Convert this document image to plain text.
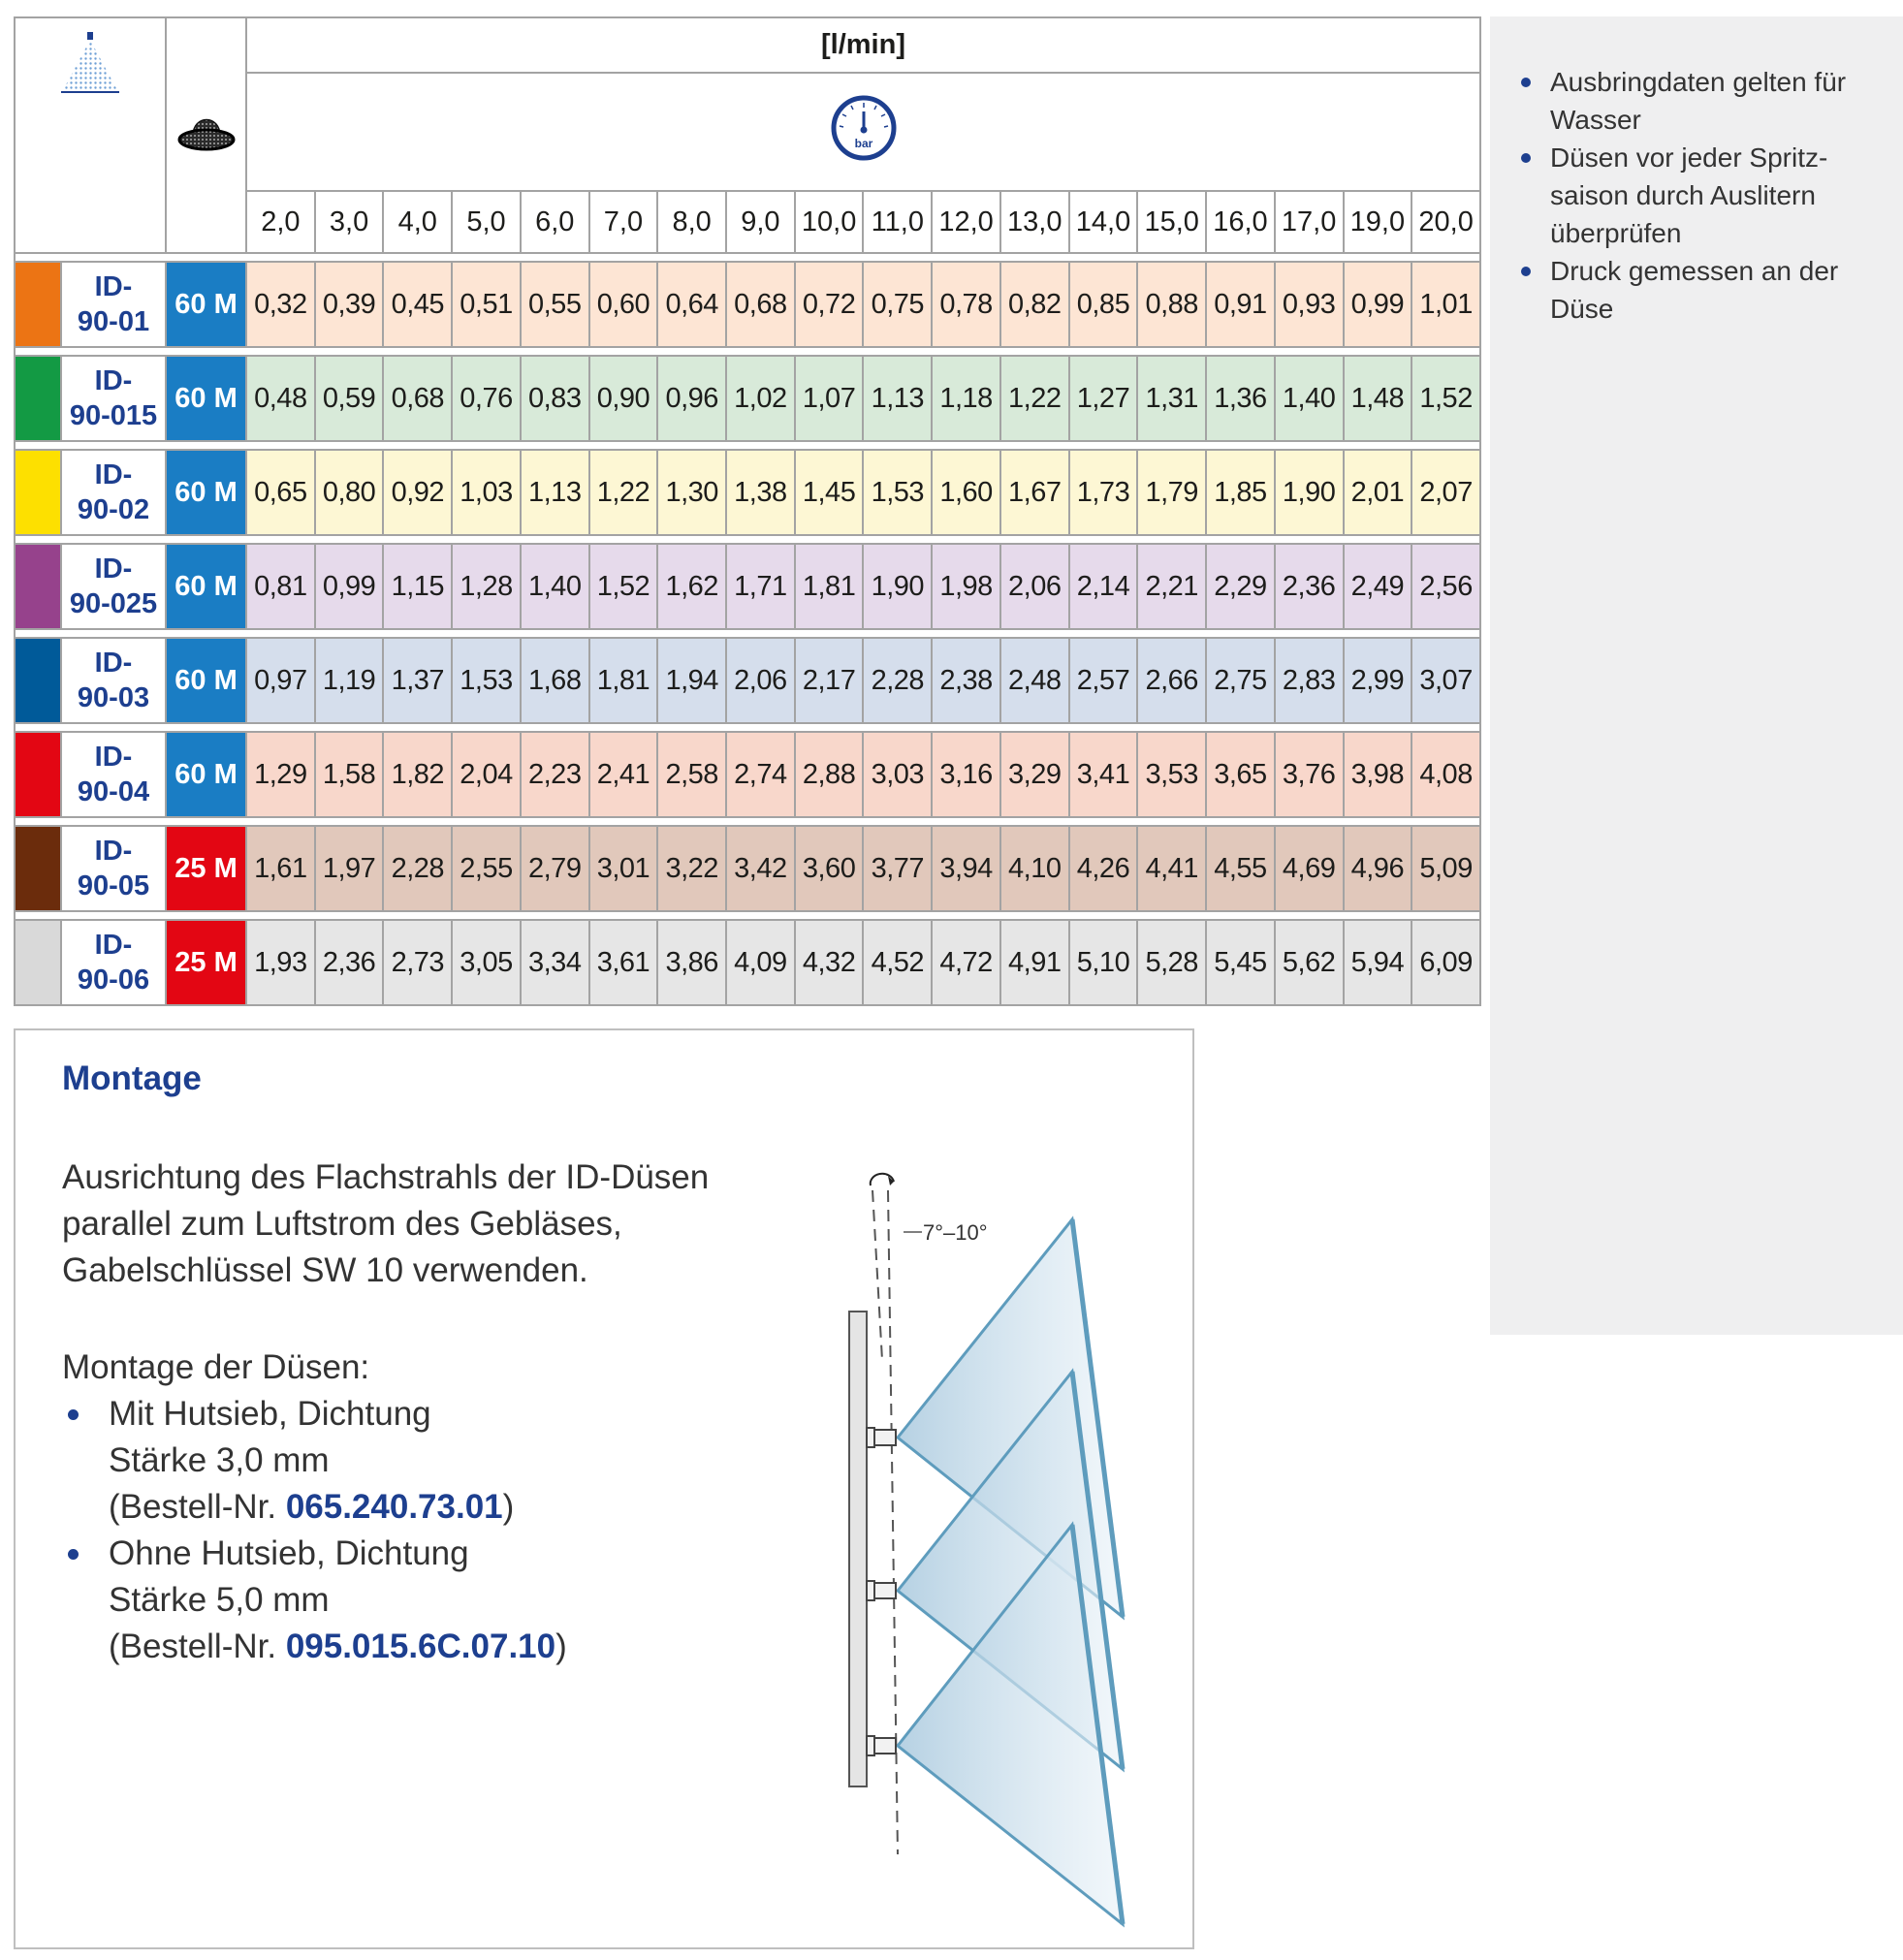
		[l/min]																	

bar																	

			2,0	3,0	4,0	5,0	6,0	7,0	8,0	9,0	10,0	11,0	12,0	13,0	14,0	15,0	16,0	17,0	19,0	20,0

	ID-
90-01	60 M	0,32	0,39	0,45	0,51	0,55	0,60	0,64	0,68	0,72	0,75	0,78	0,82	0,85	0,88	0,91	0,93	0,99	1,01

	ID-
90-015	60 M	0,48	0,59	0,68	0,76	0,83	0,90	0,96	1,02	1,07	1,13	1,18	1,22	1,27	1,31	1,36	1,40	1,48	1,52

	ID-
90-02	60 M	0,65	0,80	0,92	1,03	1,13	1,22	1,30	1,38	1,45	1,53	1,60	1,67	1,73	1,79	1,85	1,90	2,01	2,07

	ID-
90-025	60 M	0,81	0,99	1,15	1,28	1,40	1,52	1,62	1,71	1,81	1,90	1,98	2,06	2,14	2,21	2,29	2,36	2,49	2,56

	ID-
90-03	60 M	0,97	1,19	1,37	1,53	1,68	1,81	1,94	2,06	2,17	2,28	2,38	2,48	2,57	2,66	2,75	2,83	2,99	3,07

	ID-
90-04	60 M	1,29	1,58	1,82	2,04	2,23	2,41	2,58	2,74	2,88	3,03	3,16	3,29	3,41	3,53	3,65	3,76	3,98	4,08

	ID-
90-05	25 M	1,61	1,97	2,28	2,55	2,79	3,01	3,22	3,42	3,60	3,77	3,94	4,10	4,26	4,41	4,55	4,69	4,96	5,09

	ID-
90-06	25 M	1,93	2,36	2,73	3,05	3,34	3,61	3,86	4,09	4,32	4,52	4,72	4,91	5,10	5,28	5,45	5,62	5,94	6,09
Ausbringdaten gelten für Wasser
Düsen vor jeder Spritz- saison durch Auslitern überprüfen
Druck gemessen an der Düse
Montage

Ausrichtung des Flachstrahls der ID-Düsen parallel zum Luftstrom des Gebläses, Gabelschlüssel SW 10 verwenden.

Montage der Düsen:

Mit Hutsieb, Dichtung
Stärke 3,0 mm
(Bestell-Nr. 065.240.73.01)
Ohne Hutsieb, Dichtung
Stärke 5,0 mm
(Bestell-Nr. 095.015.6C.07.10)
7°–10°
